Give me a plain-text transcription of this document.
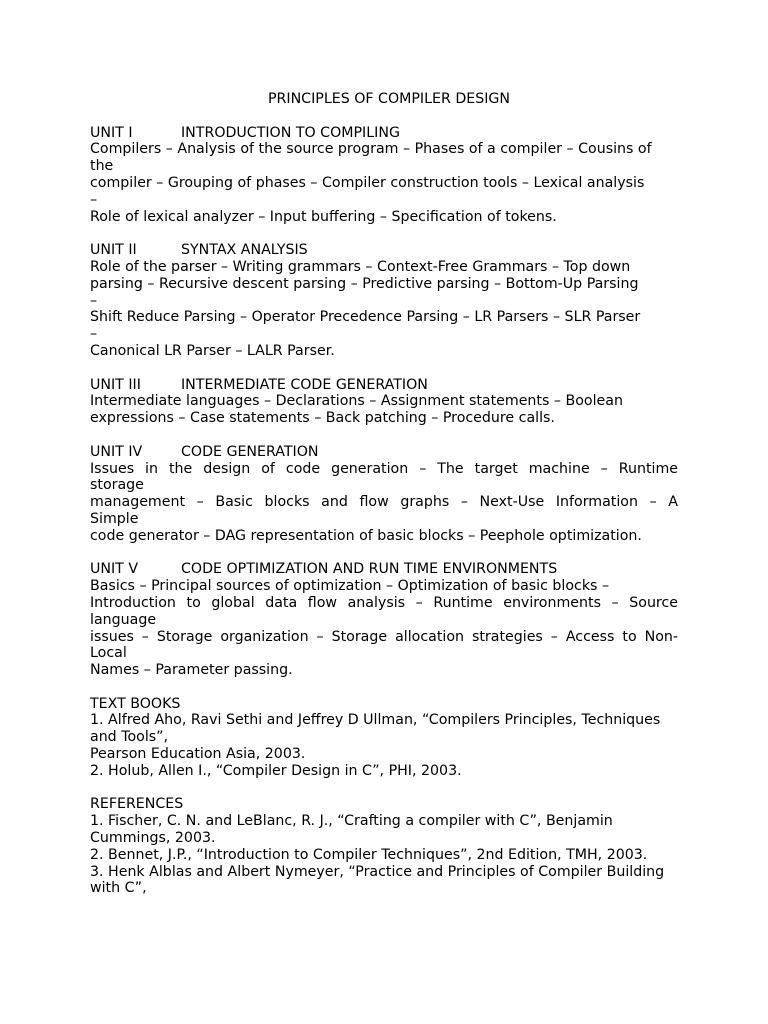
PRINCIPLES OF COMPILER DESIGN
UNIT I	INTRODUCTION TO COMPILING
Compilers – Analysis of the source program – Phases of a compiler – Cousins of
the
compiler – Grouping of phases – Compiler construction tools – Lexical analysis
–
Role of lexical analyzer – Input buffering – Specification of tokens.
UNIT II	SYNTAX ANALYSIS
Role of the parser – Writing grammars – Context-Free Grammars – Top down
parsing – Recursive descent parsing – Predictive parsing – Bottom-Up Parsing
–
Shift Reduce Parsing – Operator Precedence Parsing – LR Parsers – SLR Parser
–
Canonical LR Parser – LALR Parser.
UNIT III	INTERMEDIATE CODE GENERATION
Intermediate languages – Declarations – Assignment statements – Boolean
expressions – Case statements – Back patching – Procedure calls.
UNIT IV	CODE GENERATION
Issues in the design of code generation – The target machine – Runtime
storage
management – Basic blocks and flow graphs – Next-Use Information – A
Simple
code generator – DAG representation of basic blocks – Peephole optimization.
UNIT V	CODE OPTIMIZATION AND RUN TIME ENVIRONMENTS
Basics – Principal sources of optimization – Optimization of basic blocks –
Introduction to global data flow analysis – Runtime environments – Source
language
issues – Storage organization – Storage allocation strategies – Access to Non-
Local
Names – Parameter passing.
TEXT BOOKS
1. Alfred Aho, Ravi Sethi and Jeffrey D Ullman, “Compilers Principles, Techniques
and Tools”,
Pearson Education Asia, 2003.
2. Holub, Allen I., “Compiler Design in C”, PHI, 2003.
REFERENCES
1. Fischer, C. N. and LeBlanc, R. J., “Crafting a compiler with C”, Benjamin
Cummings, 2003.
2. Bennet, J.P., “Introduction to Compiler Techniques”, 2nd Edition, TMH, 2003.
3. Henk Alblas and Albert Nymeyer, “Practice and Principles of Compiler Building
with C”,
